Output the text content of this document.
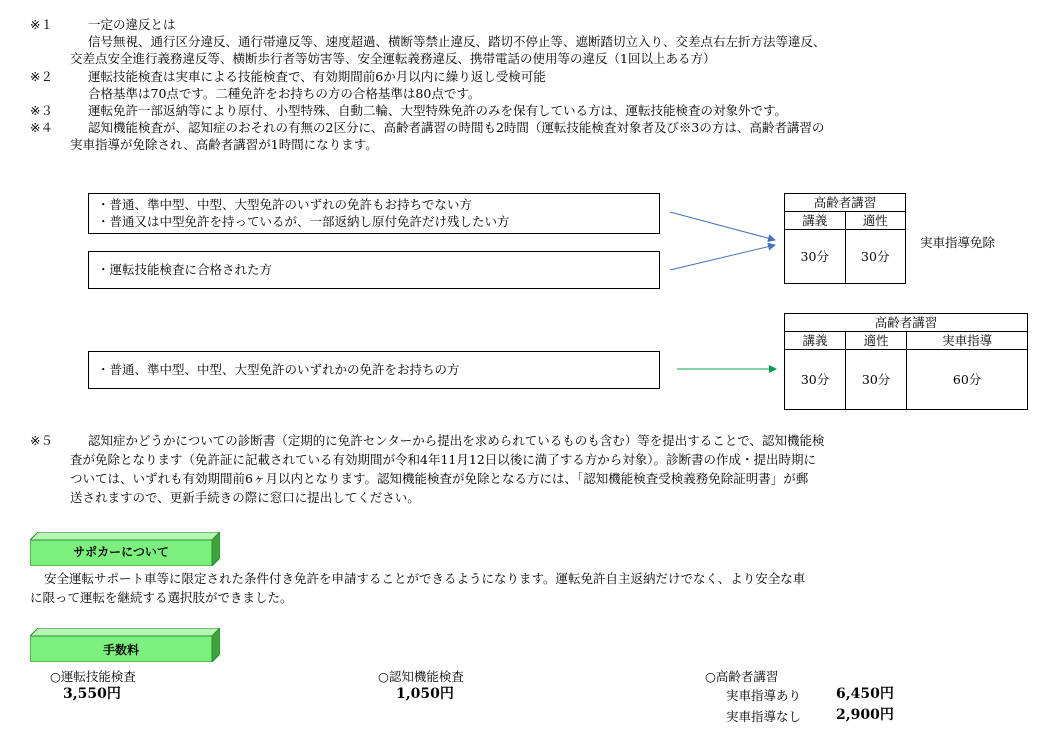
※１	一定の違反とは
信号無視、通行区分違反、通行帯違反等、速度超過、横断等禁止違反、踏切不停止等、遮断踏切立入り、交差点右左折方法等違反、
交差点安全進行義務違反等、横断歩行者等妨害等、安全運転義務違反、携帯電話の使用等の違反（1回以上ある方）
※２	運転技能検査は実車による技能検査で、有効期間前6か月以内に繰り返し受検可能
合格基準は70点です。二種免許をお持ちの方の合格基準は80点です。
※３	運転免許一部返納等により原付、小型特殊、自動二輪、大型特殊免許のみを保有している方は、運転技能検査の対象外です。
※４	認知機能検査が、認知症のおそれの有無の2区分に、高齢者講習の時間も2時間（運転技能検査対象者及び※3の方は、高齢者講習の
実車指導が免除され、高齢者講習が1時間になります。
・普通、準中型、中型、大型免許のいずれの免許もお持ちでない方
・普通又は中型免許を持っているが、一部返納し原付免許だけ残したい方
・運転技能検査に合格された方
・普通、準中型、中型、大型免許のいずれかの免許をお持ちの方
高齢者講習	
講義	適性
30分	30分
実車指導免除
高齢者講習		
講義	適性	実車指導
30分	30分	60分
※５	認知症かどうかについての診断書（定期的に免許センターから提出を求められているものも含む）等を提出することで、認知機能検
査が免除となります（免許証に記載されている有効期間が令和4年11月12日以後に満了する方から対象）。診断書の作成・提出時期に
ついては、いずれも有効期間前6ヶ月以内となります。認知機能検査が免除となる方には、「認知機能検査受検義務免除証明書」が郵
送されますので、更新手続きの際に窓口に提出してください。
サポカーについて
安全運転サポート車等に限定された条件付き免許を申請することができるようになります。運転免許自主返納だけでなく、より安全な車
に限って運転を継続する選択肢ができました。
手数料
○運転技能検査
3,550円
○認知機能検査
1,050円
○高齢者講習
実車指導あり 6,450円
実車指導なし 2,900円
